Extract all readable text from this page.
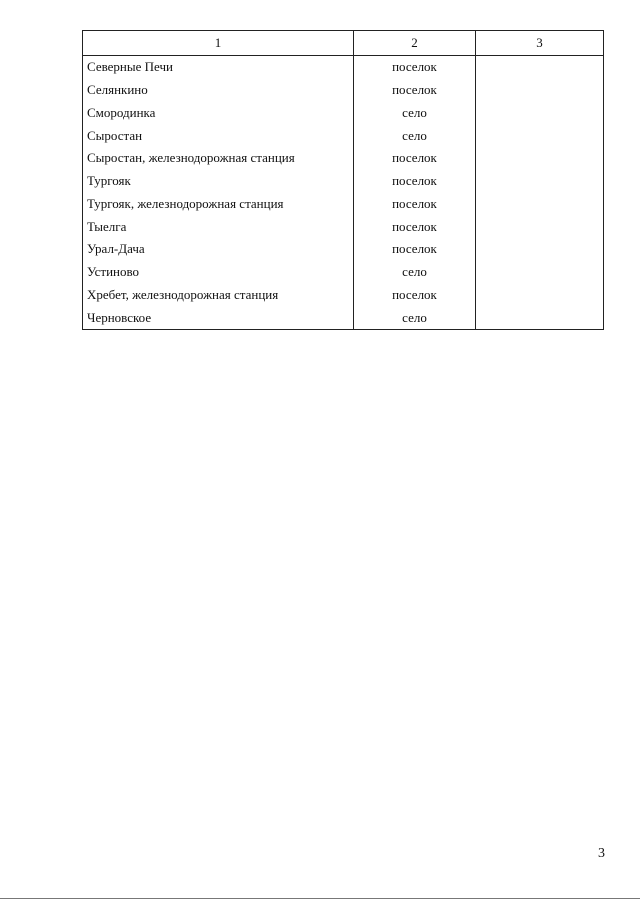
1	2	3
Северные Печи	поселок	
Селянкино	поселок	
Смородинка	село	
Сыростан	село	
Сыростан, железнодорожная станция	поселок	
Тургояк	поселок	
Тургояк, железнодорожная станция	поселок	
Тыелга	поселок	
Урал-Дача	поселок	
Устиново	село	
Хребет, железнодорожная станция	поселок	
Черновское	село	
3
